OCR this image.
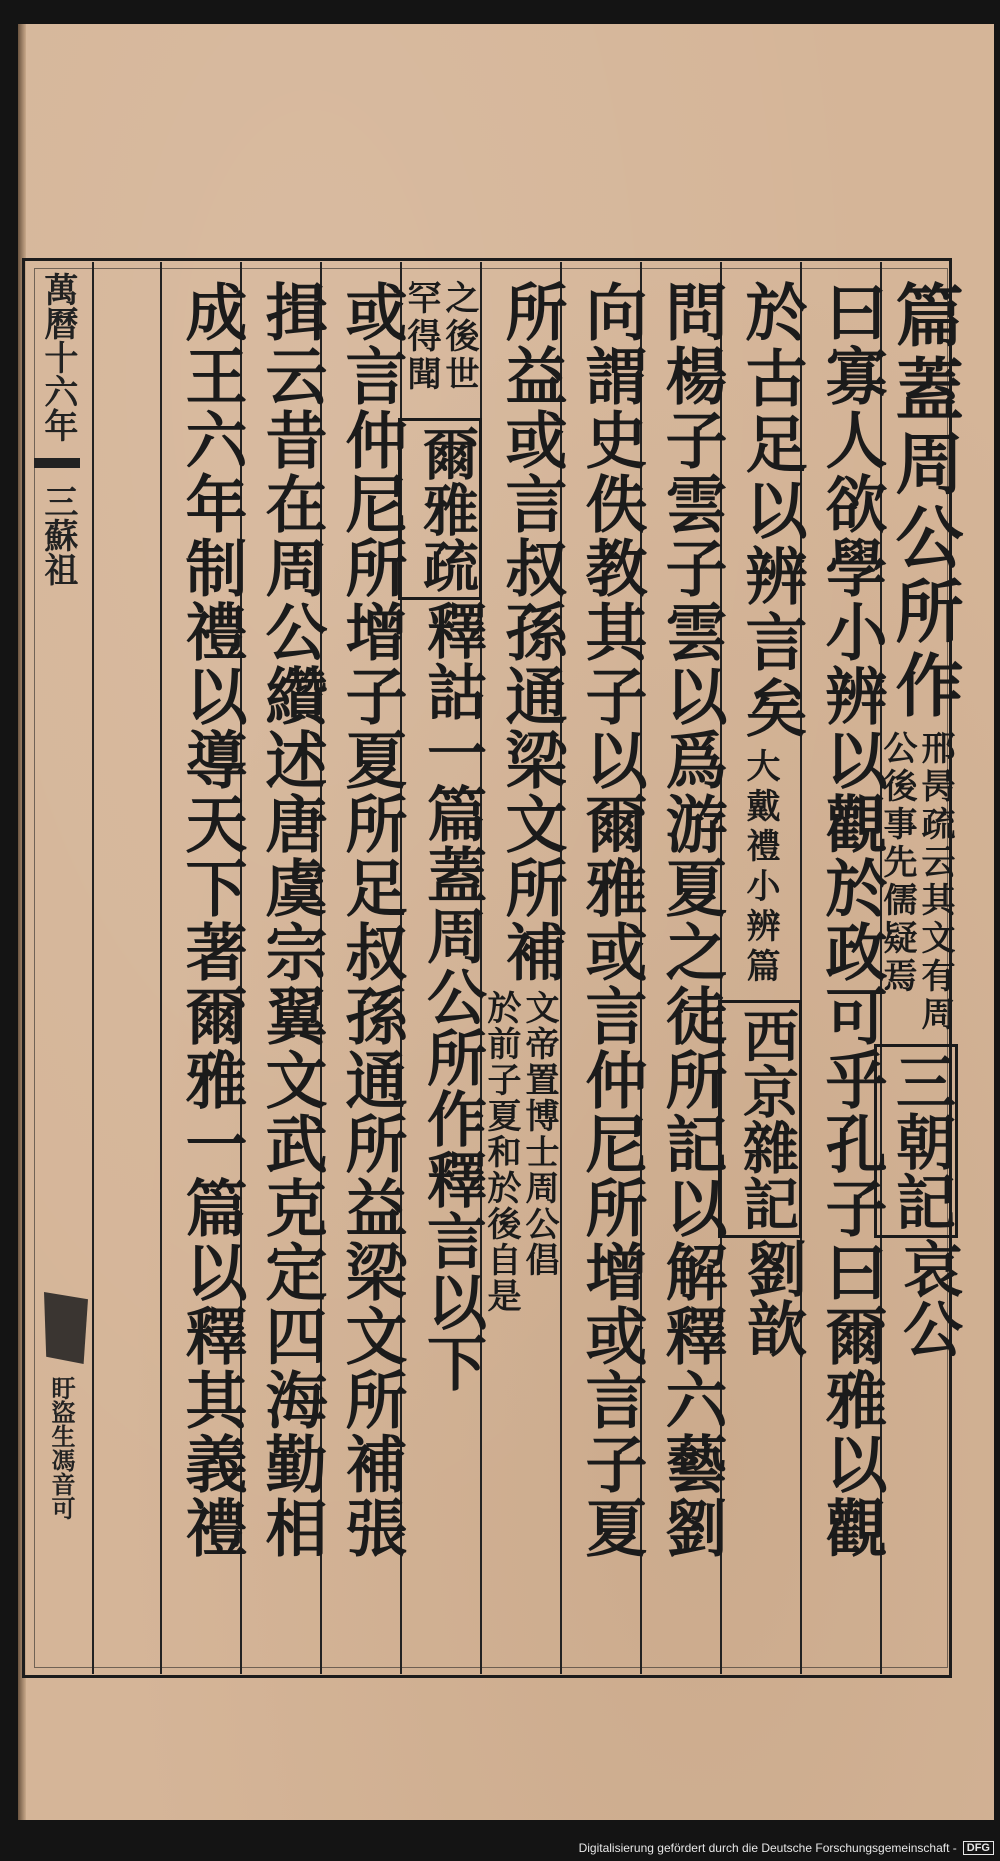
篇蓋周公所作
邢昺疏云其文有周
公後事先儒疑焉
三朝記
哀公
曰寡人欲學小辨以觀於政可乎孔子曰爾雅以觀
於古足以辨言矣
大戴禮小辨篇
西京雜記
劉歆
問楊子雲子雲以爲游夏之徒所記以解釋六藝劉
向謂史佚教其子以爾雅或言仲尼所增或言子夏
所益或言叔孫通梁文所補
文帝置博士周公倡
於前子夏和於後自是
之後世
罕得聞
爾雅疏
釋詁一篇蓋周公所作釋言以下
或言仲尼所增子夏所足叔孫通所益梁文所補張
揖云昔在周公纘述唐虞宗翼文武克定四海勤相
成王六年制禮以導天下著爾雅一篇以釋其義禮
萬曆十六年
三蘇祖
盱盜生馮音可
Digitalisierung gefördert durch die Deutsche Forschungsgemeinschaft - DFG
